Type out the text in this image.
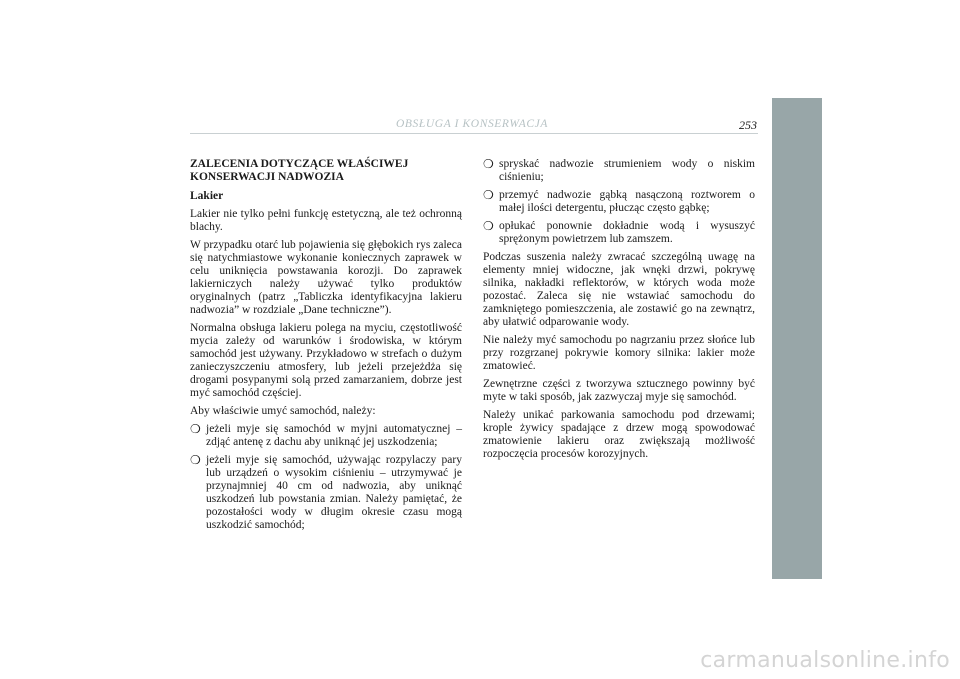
OBSŁUGA I KONSERWACJA	253
ZALECENIA DOTYCZĄCE WŁAŚCIWEJ KONSERWACJI NADWOZIA
Lakier

Lakier nie tylko pełni funkcję estetyczną, ale też ochronną blachy.

W przypadku otarć lub pojawienia się głębokich rys zaleca się natychmiastowe wykonanie koniecznych zaprawek w celu uniknięcia powstawania korozji. Do zaprawek lakierniczych należy używać tylko produktów oryginalnych (patrz „Tabliczka identyfikacyjna lakieru nadwozia” w rozdziale „Dane techniczne”).

Normalna obsługa lakieru polega na myciu, częstotliwość mycia zależy od warunków i środowiska, w którym samochód jest używany. Przykładowo w strefach o dużym zanieczyszczeniu atmosfery, lub jeżeli przejeżdża się drogami posypanymi solą przed zamarzaniem, dobrze jest myć samochód częściej.

Aby właściwie umyć samochód, należy:

❍ jeżeli myje się samochód w myjni automatycznej – zdjąć antenę z dachu aby uniknąć jej uszkodzenia;
❍ jeżeli myje się samochód, używając rozpylaczy pary lub urządzeń o wysokim ciśnieniu – utrzymywać je przynajmniej 40 cm od nadwozia, aby uniknąć uszkodzeń lub powstania zmian. Należy pamiętać, że pozostałości wody w długim okresie czasu mogą uszkodzić samochód;
❍ spryskać nadwozie strumieniem wody o niskim ciśnieniu;
❍ przemyć nadwozie gąbką nasączoną roztworem o małej ilości detergentu, płucząc często gąbkę;
❍ opłukać ponownie dokładnie wodą i wysuszyć sprężonym powietrzem lub zamszem.

Podczas suszenia należy zwracać szczególną uwagę na elementy mniej widoczne, jak wnęki drzwi, pokrywę silnika, nakładki reflektorów, w których woda może pozostać. Zaleca się nie wstawiać samochodu do zamkniętego pomieszczenia, ale zostawić go na zewnątrz, aby ułatwić odparowanie wody.

Nie należy myć samochodu po nagrzaniu przez słońce lub przy rozgrzanej pokrywie komory silnika: lakier może zmatowieć.

Zewnętrzne części z tworzywa sztucznego powinny być myte w taki sposób, jak zazwyczaj myje się samochód.

Należy unikać parkowania samochodu pod drzewami; krople żywicy spadające z drzew mogą spowodować zmatowienie lakieru oraz zwiększają możliwość rozpoczęcia procesów korozyjnych.

carmanualsonline.info
